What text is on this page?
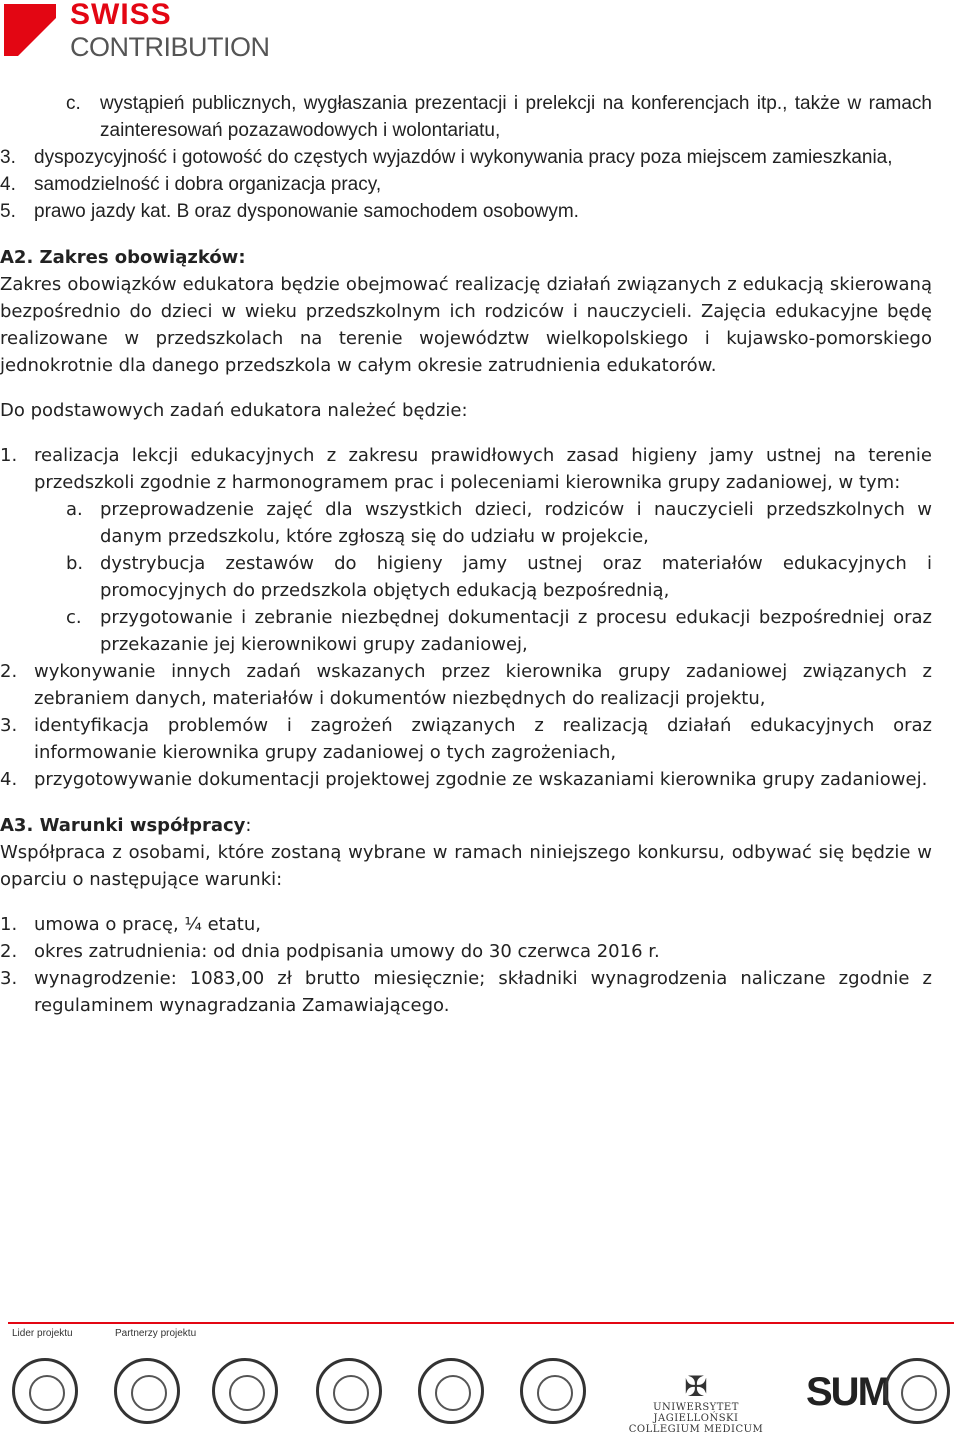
SWISS
CONTRIBUTION
c.	wystąpień publicznych, wygłaszania prezentacji i prelekcji na konferencjach itp., także w ramach zainteresowań pozazawodowych i wolontariatu,
3. dyspozycyjność i gotowość do częstych wyjazdów i wykonywania pracy poza miejscem zamieszkania,
4. samodzielność i dobra organizacja pracy,
5. prawo jazdy kat. B oraz dysponowanie samochodem osobowym.
A2. Zakres obowiązków:
Zakres obowiązków edukatora będzie obejmować realizację działań związanych z edukacją skierowaną bezpośrednio do dzieci w wieku przedszkolnym ich rodziców i nauczycieli. Zajęcia edukacyjne będę realizowane w przedszkolach na terenie województw wielkopolskiego i kujawsko-pomorskiego jednokrotnie dla danego przedszkola w całym okresie zatrudnienia edukatorów.
Do podstawowych zadań edukatora należeć będzie:
1. realizacja lekcji edukacyjnych z zakresu prawidłowych zasad higieny jamy ustnej na terenie przedszkoli zgodnie z harmonogramem prac i poleceniami kierownika grupy zadaniowej, w tym:
a. przeprowadzenie zajęć dla wszystkich dzieci, rodziców i nauczycieli przedszkolnych w danym przedszkolu, które zgłoszą się do udziału w projekcie,
b. dystrybucja zestawów do higieny jamy ustnej oraz materiałów edukacyjnych i promocyjnych do przedszkola objętych edukacją bezpośrednią,
c.	przygotowanie i zebranie niezbędnej dokumentacji z procesu edukacji bezpośredniej oraz przekazanie jej kierownikowi grupy zadaniowej,
2. wykonywanie innych zadań wskazanych przez kierownika grupy zadaniowej związanych z zebraniem danych, materiałów i dokumentów niezbędnych do realizacji projektu,
3. identyfikacja problemów i zagrożeń związanych z realizacją działań edukacyjnych oraz informowanie kierownika grupy zadaniowej o tych zagrożeniach,
4. przygotowywanie dokumentacji projektowej zgodnie ze wskazaniami kierownika grupy zadaniowej.
A3. Warunki współpracy:
Współpraca z osobami, które zostaną wybrane w ramach niniejszego konkursu, odbywać się będzie w oparciu o następujące warunki:
1. umowa o pracę, ¼ etatu,
2. okres zatrudnienia: od dnia podpisania umowy do 30 czerwca 2016 r.
3. wynagrodzenie: 1083,00 zł brutto miesięcznie; składniki wynagrodzenia naliczane zgodnie z regulaminem wynagradzania Zamawiającego.
Lider projektu	Partnerzy projektu
✠
UNIWERSYTET JAGIELLOŃSKI
COLLEGIUM MEDICUM
SUM
